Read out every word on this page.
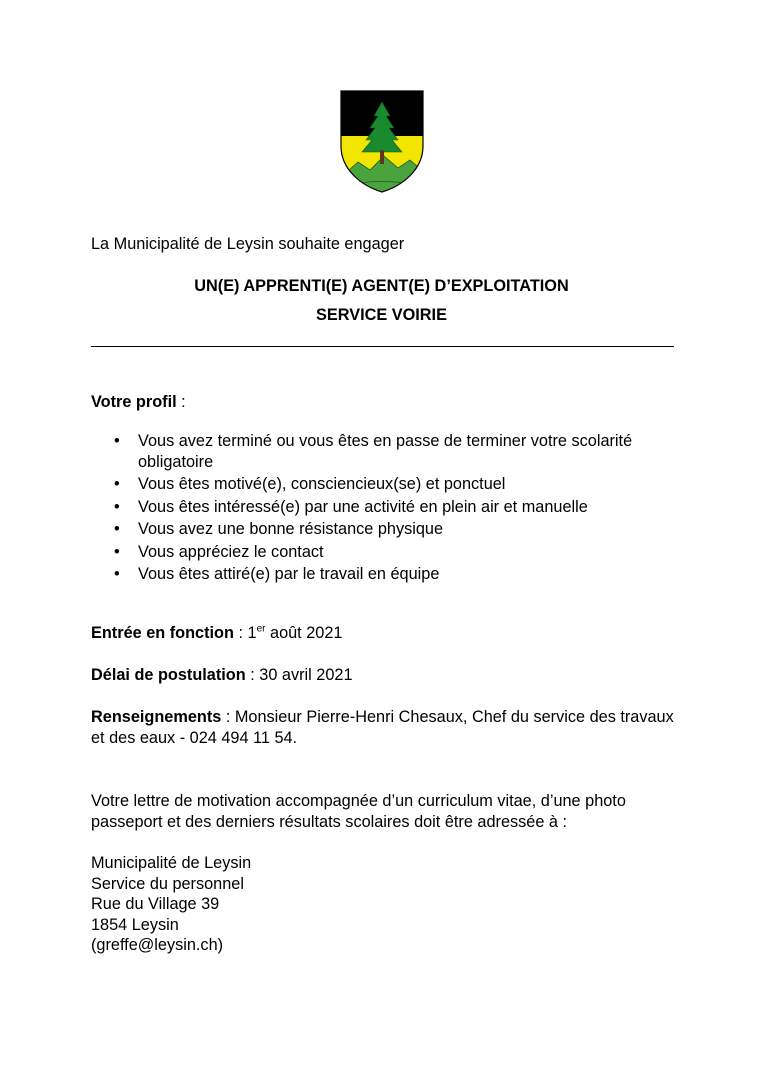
La Municipalité de Leysin souhaite engager
UN(E) APPRENTI(E) AGENT(E) D’EXPLOITATION
SERVICE VOIRIE
Votre profil :
• Vous avez terminé ou vous êtes en passe de terminer votre scolarité obligatoire
• Vous êtes motivé(e), consciencieux(se) et ponctuel
• Vous êtes intéressé(e) par une activité en plein air et manuelle
• Vous avez une bonne résistance physique
• Vous appréciez le contact
• Vous êtes attiré(e) par le travail en équipe
Entrée en fonction : 1er août 2021
Délai de postulation : 30 avril 2021
Renseignements : Monsieur Pierre-Henri Chesaux, Chef du service des travaux et des eaux - 024 494 11 54.
Votre lettre de motivation accompagnée d’un curriculum vitae, d’une photo passeport et des derniers résultats scolaires doit être adressée à :
Municipalité de Leysin
Service du personnel
Rue du Village 39
1854 Leysin
(greffe@leysin.ch)
